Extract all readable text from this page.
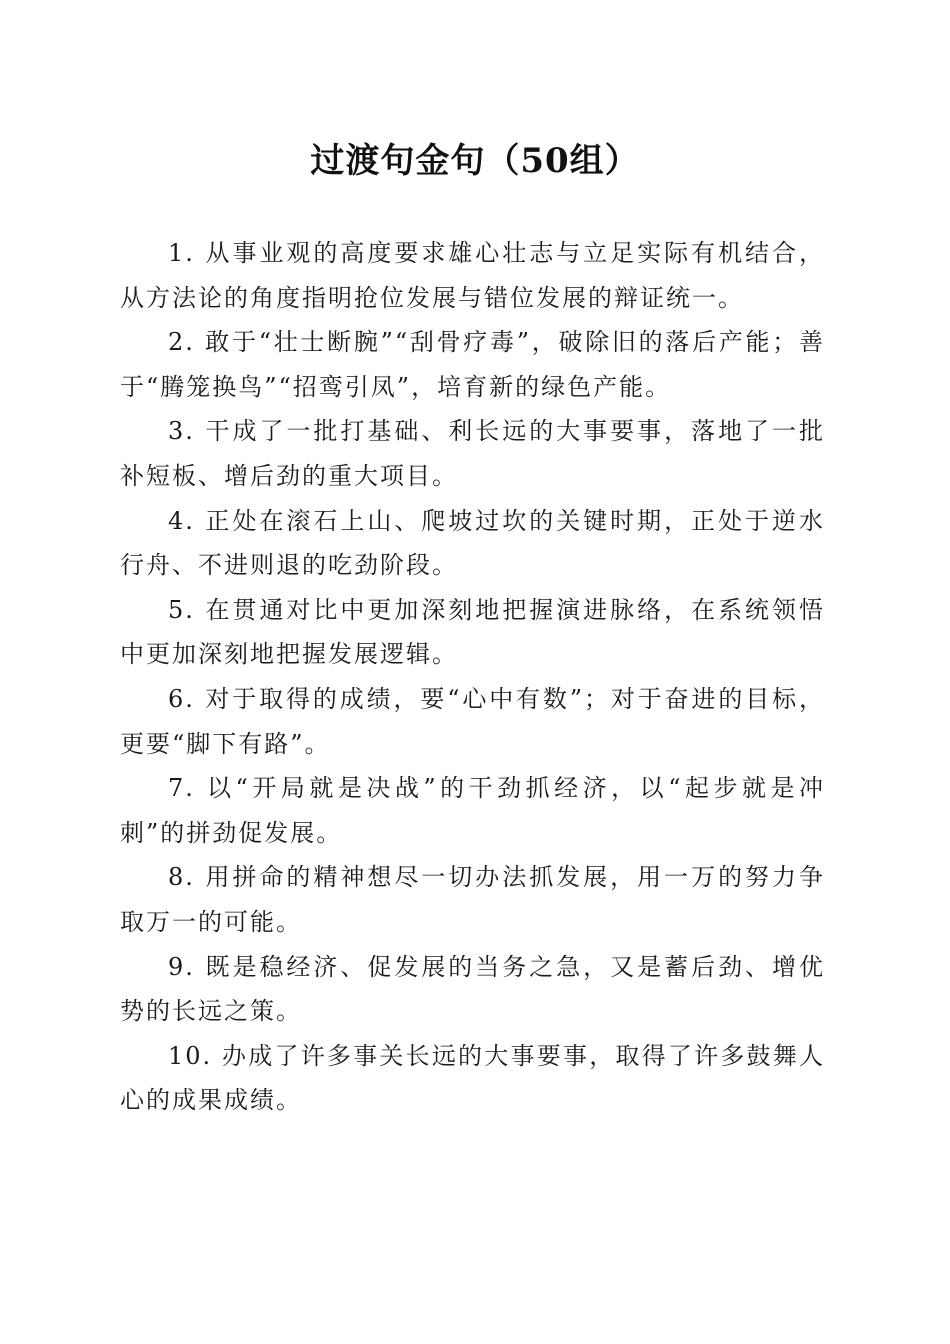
过渡句金句（50组）

1. 从事业观的高度要求雄心壮志与立足实际有机结合，从方法论的角度指明抢位发展与错位发展的辩证统一。

2. 敢于“壮士断腕”“刮骨疗毒”，破除旧的落后产能；善于“腾笼换鸟”“招鸾引凤”，培育新的绿色产能。

3. 干成了一批打基础、利长远的大事要事，落地了一批补短板、增后劲的重大项目。

4. 正处在滚石上山、爬坡过坎的关键时期，正处于逆水行舟、不进则退的吃劲阶段。

5. 在贯通对比中更加深刻地把握演进脉络，在系统领悟中更加深刻地把握发展逻辑。

6. 对于取得的成绩，要“心中有数”；对于奋进的目标，更要“脚下有路”。

7. 以“开局就是决战”的干劲抓经济，以“起步就是冲刺”的拼劲促发展。

8. 用拼命的精神想尽一切办法抓发展，用一万的努力争取万一的可能。

9. 既是稳经济、促发展的当务之急，又是蓄后劲、增优势的长远之策。

10. 办成了许多事关长远的大事要事，取得了许多鼓舞人心的成果成绩。
